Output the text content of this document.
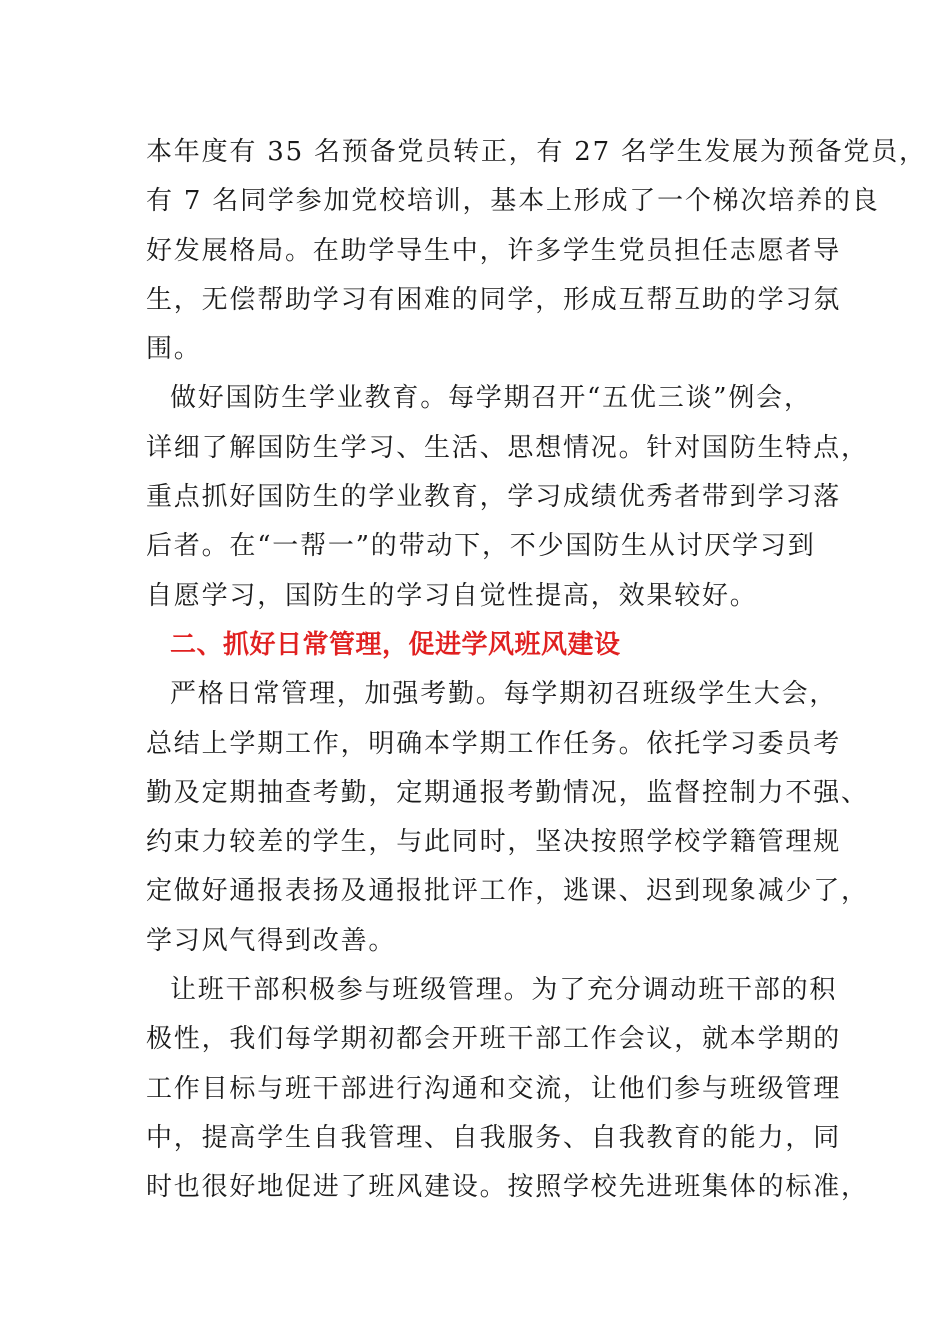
本年度有 35 名预备党员转正，有 27 名学生发展为预备党员，
有 7 名同学参加党校培训，基本上形成了一个梯次培养的良
好发展格局。在助学导生中，许多学生党员担任志愿者导
生，无偿帮助学习有困难的同学，形成互帮互助的学习氛
围。
做好国防生学业教育。每学期召开“五优三谈”例会，
详细了解国防生学习、生活、思想情况。针对国防生特点，
重点抓好国防生的学业教育，学习成绩优秀者带到学习落
后者。在“一帮一”的带动下，不少国防生从讨厌学习到
自愿学习，国防生的学习自觉性提高，效果较好。
二、抓好日常管理，促进学风班风建设
严格日常管理，加强考勤。每学期初召班级学生大会，
总结上学期工作，明确本学期工作任务。依托学习委员考
勤及定期抽查考勤，定期通报考勤情况，监督控制力不强、
约束力较差的学生，与此同时，坚决按照学校学籍管理规
定做好通报表扬及通报批评工作，逃课、迟到现象减少了，
学习风气得到改善。
让班干部积极参与班级管理。为了充分调动班干部的积
极性，我们每学期初都会开班干部工作会议，就本学期的
工作目标与班干部进行沟通和交流，让他们参与班级管理
中，提高学生自我管理、自我服务、自我教育的能力，同
时也很好地促进了班风建设。按照学校先进班集体的标准，
